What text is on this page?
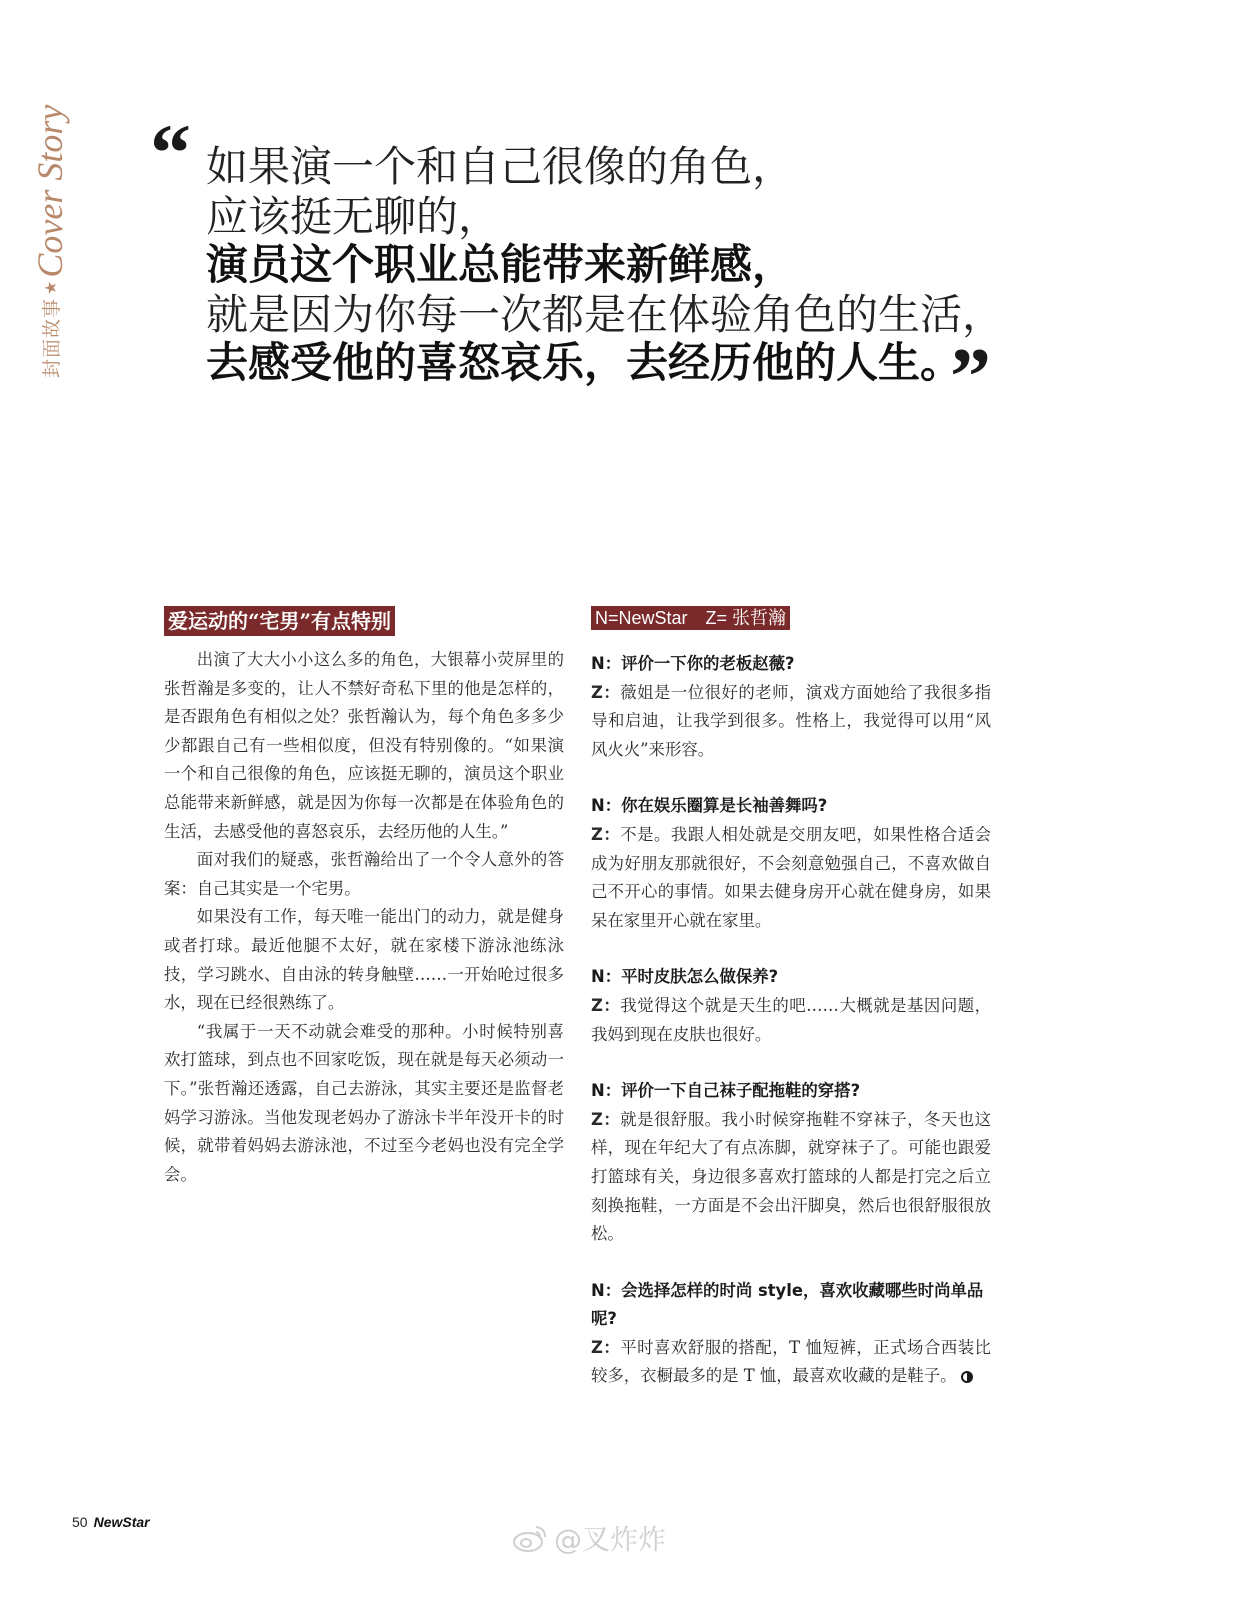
封面故事
★
Cover Story “ 如果演一个和自己很像的角色，
应该挺无聊的，
演员这个职业总能带来新鲜感，
就是因为你每一次都是在体验角色的生活，
去感受他的喜怒哀乐，去经历他的人生。
”
爱运动的“宅男”有点特别

出演了大大小小这么多的角色，大银幕小荧屏里的张哲瀚是多变的，让人不禁好奇私下里的他是怎样的，是否跟角色有相似之处？张哲瀚认为，每个角色多多少少都跟自己有一些相似度，但没有特别像的。“如果演一个和自己很像的角色，应该挺无聊的，演员这个职业总能带来新鲜感，就是因为你每一次都是在体验角色的生活，去感受他的喜怒哀乐，去经历他的人生。”

面对我们的疑惑，张哲瀚给出了一个令人意外的答案：自己其实是一个宅男。

如果没有工作，每天唯一能出门的动力，就是健身或者打球。最近他腿不太好，就在家楼下游泳池练泳技，学习跳水、自由泳的转身触壁……一开始呛过很多水，现在已经很熟练了。

“我属于一天不动就会难受的那种。小时候特别喜欢打篮球，到点也不回家吃饭，现在就是每天必须动一下。”张哲瀚还透露，自己去游泳，其实主要还是监督老妈学习游泳。当他发现老妈办了游泳卡半年没开卡的时候，就带着妈妈去游泳池，不过至今老妈也没有完全学会。

N=NewStar　Z= 张哲瀚
N：评价一下你的老板赵薇?
Z：薇姐是一位很好的老师，演戏方面她给了我很多指导和启迪，让我学到很多。性格上，我觉得可以用“风风火火”来形容。
N：你在娱乐圈算是长袖善舞吗?
Z：不是。我跟人相处就是交朋友吧，如果性格合适会成为好朋友那就很好，不会刻意勉强自己，不喜欢做自己不开心的事情。如果去健身房开心就在健身房，如果呆在家里开心就在家里。
N：平时皮肤怎么做保养?
Z：我觉得这个就是天生的吧……大概就是基因问题，我妈到现在皮肤也很好。
N：评价一下自己袜子配拖鞋的穿搭?
Z：就是很舒服。我小时候穿拖鞋不穿袜子，冬天也这样，现在年纪大了有点冻脚，就穿袜子了。可能也跟爱打篮球有关，身边很多喜欢打篮球的人都是打完之后立刻换拖鞋，一方面是不会出汗脚臭，然后也很舒服很放松。
N：会选择怎样的时尚 style，喜欢收藏哪些时尚单品呢?
Z：平时喜欢舒服的搭配，T 恤短裤，正式场合西装比较多，衣橱最多的是 T 恤，最喜欢收藏的是鞋子。
50 NewStar
@叉炸炸
